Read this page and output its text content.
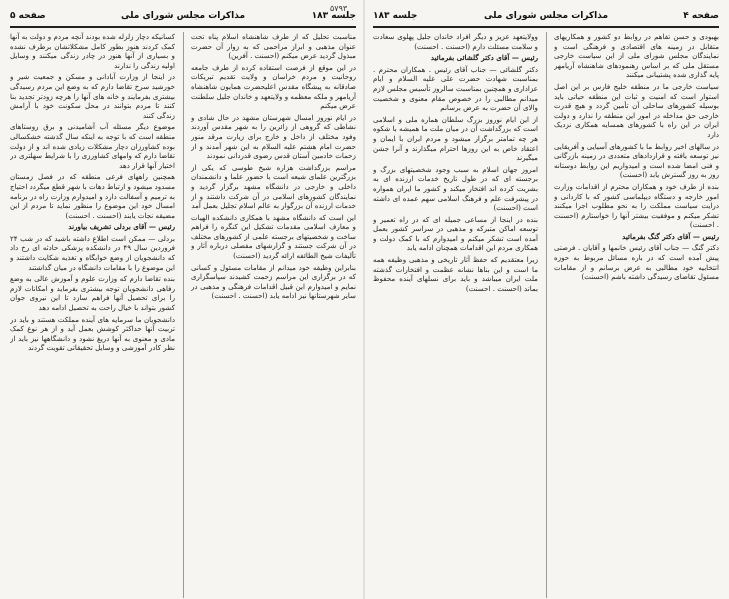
۵۷۹۳
جلسه ۱۸۳
مذاکرات مجلس شورای ملی
صفحه ۵

مناسبت تحلیل که از طرف شاهنشاه اسلام پناه تحت عنوان مذهبی و ابراز مراحمی که به زوار آن حضرت مبذول گردید عرض میکنم (احسنت . آفرین)

در این موقع از فرصت استفاده کرده از طرف جامعه روحانیت و مردم خراسان و ولایت تقدیم تبریکات صادقانه به پیشگاه مقدس اعلیحضرت همایون شاهنشاه آریامهر و ملکه معظمه و ولایتعهد و خاندان جلیل سلطنت عرض میکنم

در ایام نوروز امسال شهرستان مشهد در حال شادی و نشاطی که گروهی از زائرین را به شهر مقدس آوردند وفود مختلف از داخل و خارج برای زیارت مرقد منور حضرت امام هشتم علیه السلام به این شهر آمدند و از زحمات خادمین آستان قدس رضوی قدردانی نمودند

مراسم بزرگداشت هزاره شیخ طوسی که یکی از بزرگترین علمای شیعه است با حضور علما و دانشمندان داخلی و خارجی در دانشگاه مشهد برگزار گردید و نمایندگان کشورهای اسلامی در آن شرکت داشتند و از خدمات ارزنده آن بزرگوار به عالم اسلام تجلیل بعمل آمد

این است که دانشگاه مشهد با همکاری دانشکده الهیات و معارف اسلامی مقدمات تشکیل این کنگره را فراهم ساخت و شخصیتهای برجسته علمی از کشورهای مختلف در آن شرکت جستند و گزارشهای مفصلی درباره آثار و تألیفات شیخ الطائفه ارائه گردید (احسنت)

بنابراین وظیفه خود میدانم از مقامات مسئول و کسانی که در برگزاری این مراسم زحمت کشیدند سپاسگزاری نمایم و امیدوارم این قبیل اقدامات فرهنگی و مذهبی در سایر شهرستانها نیز ادامه یابد (احسنت . احسنت)

کسانیکه دچار زلزله شده بودند آنچه مردم و دولت به آنها کمک کردند هنوز بطور کامل مشکلاتشان برطرف نشده و بسیاری از آنها هنوز در چادر زندگی میکنند و وسایل اولیه زندگی را ندارند

در اینجا از وزارت آبادانی و مسکن و جمعیت شیر و خورشید سرخ تقاضا دارم که به وضع این مردم رسیدگی بیشتری بفرمایند و خانه های آنها را هرچه زودتر تجدید بنا کنند تا مردم بتوانند در محل سکونت خود با آرامش زندگی کنند

موضوع دیگر مسئله آب آشامیدنی و برق روستاهای منطقه است که با توجه به اینکه سال گذشته خشکسالی بوده کشاورزان دچار مشکلات زیادی شده اند و از دولت تقاضا دارم که وامهای کشاورزی را با شرایط سهلتری در اختیار آنها قرار دهد

همچنین راههای فرعی منطقه که در فصل زمستان مسدود میشود و ارتباط دهات با شهر قطع میگردد احتیاج به ترمیم و آسفالت دارد و امیدوارم وزارت راه در برنامه امسال خود این موضوع را منظور نماید تا مردم از این مضیقه نجات یابند (احسنت . احسنت)

رئیس — آقای بردلی تشریف بیاورند

بردلی — ممکن است اطلاع داشته باشید که در شب ۲۴ فروردین سال ۴۹ در دانشکده پزشکی حادثه ای رخ داد که دانشجویان از وضع خوابگاه و تغذیه شکایت داشتند و این موضوع را با مقامات دانشگاه در میان گذاشتند

بنده تقاضا دارم که وزارت علوم و آموزش عالی به وضع رفاهی دانشجویان توجه بیشتری بفرماید و امکانات لازم را برای تحصیل آنها فراهم سازد تا این نیروی جوان کشور بتواند با خیال راحت به تحصیل ادامه دهد

دانشجویان ما سرمایه های آینده مملکت هستند و باید در تربیت آنها حداکثر کوشش بعمل آید و از هر نوع کمک مادی و معنوی به آنها دریغ نشود و دانشگاهها نیز باید از نظر کادر آموزشی و وسایل تحقیقاتی تقویت گردند

صفحه ۴
مذاکرات مجلس شورای ملی
جلسه ۱۸۳

بهبودی و حسن تفاهم در روابط دو کشور و همکاریهای متقابل در زمینه های اقتصادی و فرهنگی است و نمایندگان مجلس شورای ملی از این سیاست خارجی مستقل ملی که بر اساس رهنمودهای شاهنشاه آریامهر پایه گذاری شده پشتیبانی میکنند

سیاست خارجی ما در منطقه خلیج فارس بر این اصل استوار است که امنیت و ثبات این منطقه حیاتی باید بوسیله کشورهای ساحلی آن تأمین گردد و هیچ قدرت خارجی حق مداخله در امور این منطقه را ندارد و دولت ایران در این راه با کشورهای همسایه همکاری نزدیک دارد

در سالهای اخیر روابط ما با کشورهای آسیایی و آفریقایی نیز توسعه یافته و قراردادهای متعددی در زمینه بازرگانی و فنی امضا شده است و امیدواریم این روابط دوستانه روز به روز گسترش یابد (احسنت)

بنده از طرف خود و همکاران محترم از اقدامات وزارت امور خارجه و دستگاه دیپلماسی کشور که با کاردانی و درایت سیاست مملکت را به نحو مطلوب اجرا میکنند تشکر میکنم و موفقیت بیشتر آنها را خواستارم (احسنت . احسنت)

رئیس — آقای دکتر گنگ بفرمائید

دکتر گنگ — جناب آقای رئیس خانمها و آقایان . فرصتی پیش آمده است که در باره مسائل مربوط به حوزه انتخابیه خود مطالبی به عرض برسانم و از مقامات مسئول تقاضای رسیدگی داشته باشم (احسنت)

وولایتعهد عزیز و دیگر افراد خاندان جلیل پهلوی سعادت و سلامت مسئلت دارم (احسنت . احسنت)

رئیس — آقای دکتر گلشائی بفرمائید

دکتر گلشائی — جناب آقای رئیس . همکاران محترم . بمناسبت شهادت حضرت علی علیه السلام و ایام عزاداری و همچنین بمناسبت سالروز تأسیس مجلس لازم میدانم مطالبی را در خصوص مقام معنوی و شخصیت والای آن حضرت به عرض برسانم

از این ایام نوروز بزرگ سلطان هماره ملی و اسلامی است که بزرگداشت آن در میان ملت ما همیشه با شکوه هر چه تمامتر برگزار میشود و مردم ایران با ایمان و اعتقاد خاص به این روزها احترام میگذارند و آنرا جشن میگیرند

امروز جهان اسلام به سبب وجود شخصیتهای بزرگ و برجسته ای که در طول تاریخ خدمات ارزنده ای به بشریت کرده اند افتخار میکند و کشور ما ایران همواره در پیشرفت علم و فرهنگ اسلامی سهم عمده ای داشته است (احسنت)

بنده در اینجا از مساعی جمیله ای که در راه تعمیر و توسعه اماکن متبرکه و مذهبی در سراسر کشور بعمل آمده است تشکر میکنم و امیدوارم که با کمک دولت و همکاری مردم این اقدامات همچنان ادامه یابد

زیرا معتقدیم که حفظ آثار تاریخی و مذهبی وظیفه همه ما است و این بناها نشانه عظمت و افتخارات گذشته ملت ایران میباشد و باید برای نسلهای آینده محفوظ بماند (احسنت . احسنت)
